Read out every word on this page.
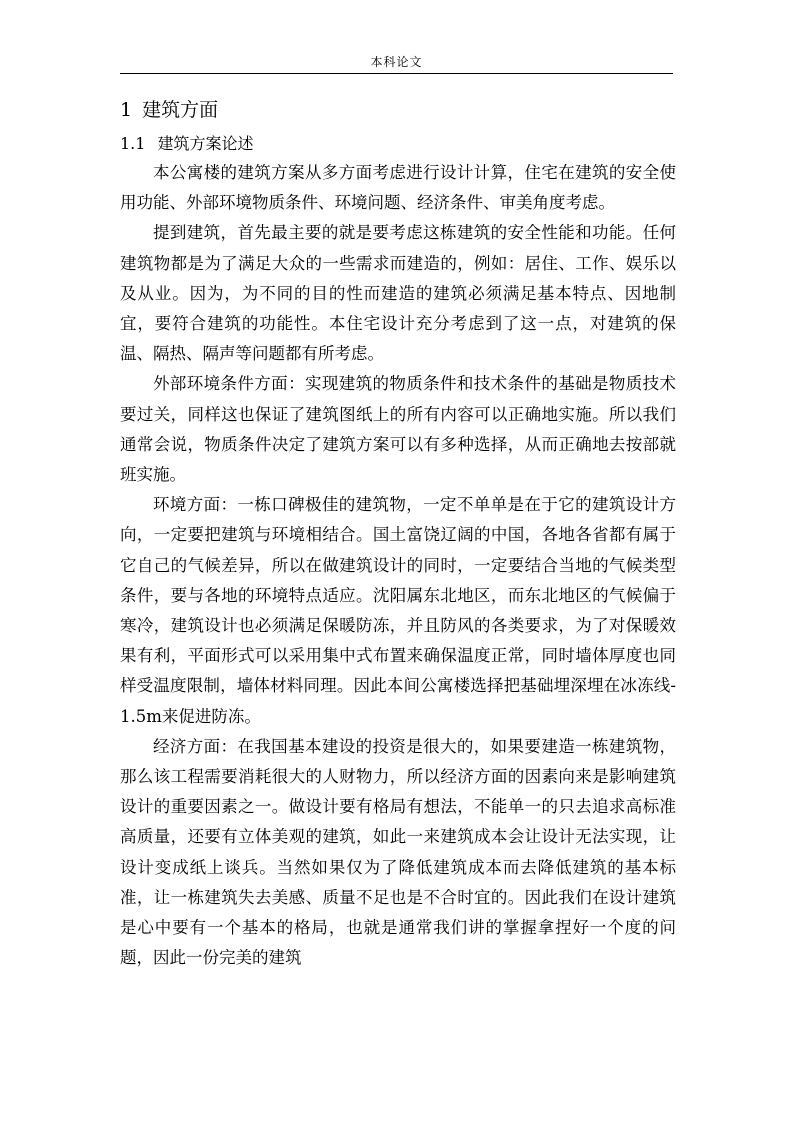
本科论文
1 建筑方面
1.1 建筑方案论述

本公寓楼的建筑方案从多方面考虑进行设计计算，住宅在建筑的安全使用功能、外部环境物质条件、环境问题、经济条件、审美角度考虑。

提到建筑，首先最主要的就是要考虑这栋建筑的安全性能和功能。任何建筑物都是为了满足大众的一些需求而建造的，例如：居住、工作、娱乐以及从业。因为，为不同的目的性而建造的建筑必须满足基本特点、因地制宜，要符合建筑的功能性。本住宅设计充分考虑到了这一点，对建筑的保温、隔热、隔声等问题都有所考虑。

外部环境条件方面：实现建筑的物质条件和技术条件的基础是物质技术要过关，同样这也保证了建筑图纸上的所有内容可以正确地实施。所以我们通常会说，物质条件决定了建筑方案可以有多种选择，从而正确地去按部就班实施。

环境方面：一栋口碑极佳的建筑物，一定不单单是在于它的建筑设计方向，一定要把建筑与环境相结合。国土富饶辽阔的中国，各地各省都有属于它自己的气候差异，所以在做建筑设计的同时，一定要结合当地的气候类型条件，要与各地的环境特点适应。沈阳属东北地区，而东北地区的气候偏于寒冷，建筑设计也必须满足保暖防冻，并且防风的各类要求，为了对保暖效果有利，平面形式可以采用集中式布置来确保温度正常，同时墙体厚度也同样受温度限制，墙体材料同理。因此本间公寓楼选择把基础埋深埋在冰冻线-1.5m来促进防冻。

经济方面：在我国基本建设的投资是很大的，如果要建造一栋建筑物，那么该工程需要消耗很大的人财物力，所以经济方面的因素向来是影响建筑设计的重要因素之一。做设计要有格局有想法，不能单一的只去追求高标准高质量，还要有立体美观的建筑，如此一来建筑成本会让设计无法实现，让设计变成纸上谈兵。当然如果仅为了降低建筑成本而去降低建筑的基本标准，让一栋建筑失去美感、质量不足也是不合时宜的。因此我们在设计建筑是心中要有一个基本的格局，也就是通常我们讲的掌握拿捏好一个度的问题，因此一份完美的建筑
